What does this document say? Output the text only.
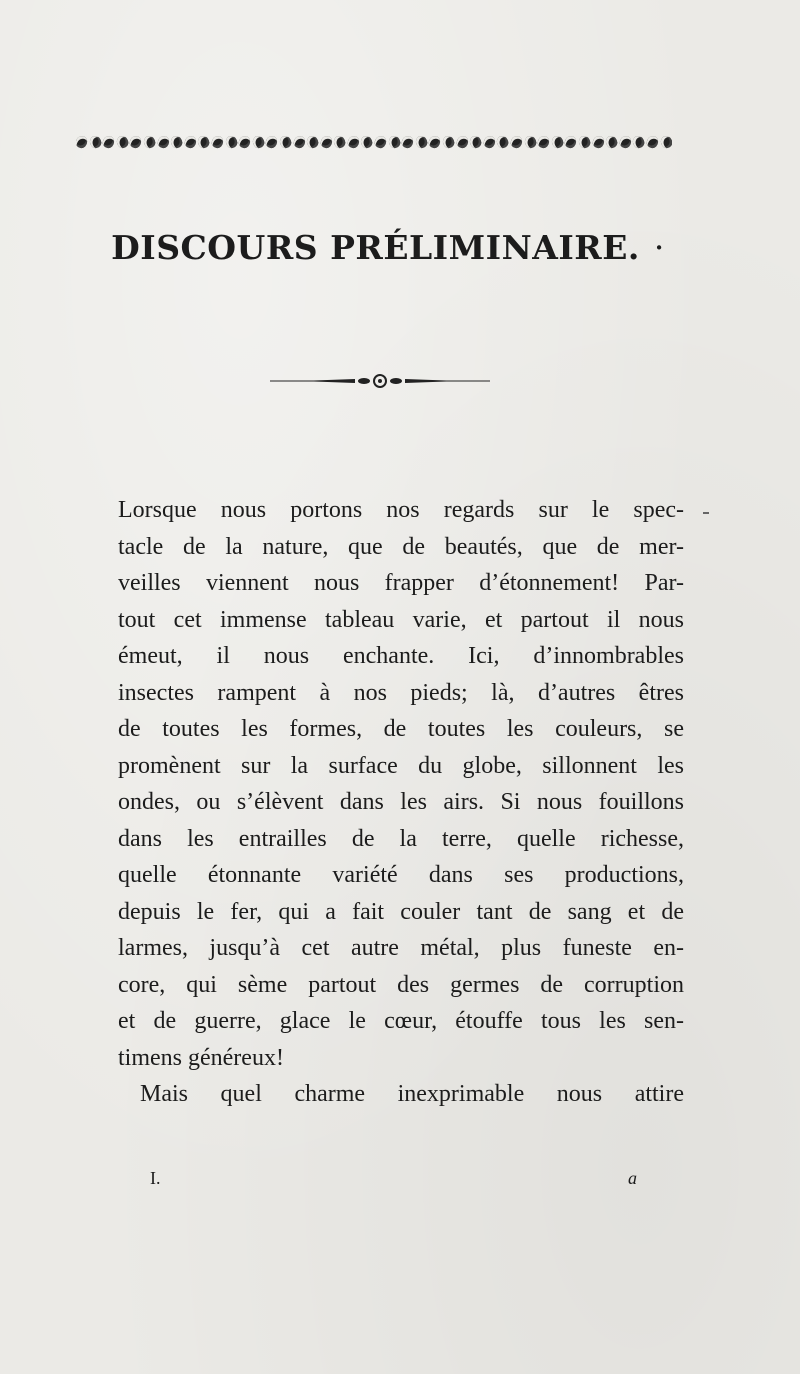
DISCOURS PRÉLIMINAIRE. ·
Lorsque nous portons nos regards sur le spec-
tacle de la nature, que de beautés, que de mer-
veilles viennent nous frapper d’étonnement! Par-
tout cet immense tableau varie, et partout il nous
émeut, il nous enchante. Ici, d’innombrables
insectes rampent à nos pieds; là, d’autres êtres
de toutes les formes, de toutes les couleurs, se
promènent sur la surface du globe, sillonnent les
ondes, ou s’élèvent dans les airs. Si nous fouillons
dans les entrailles de la terre, quelle richesse,
quelle étonnante variété dans ses productions,
depuis le fer, qui a fait couler tant de sang et de
larmes, jusqu’à cet autre métal, plus funeste en-
core, qui sème partout des germes de corruption
et de guerre, glace le cœur, étouffe tous les sen-
timens généreux!
Mais quel charme inexprimable nous attire
I.	a
